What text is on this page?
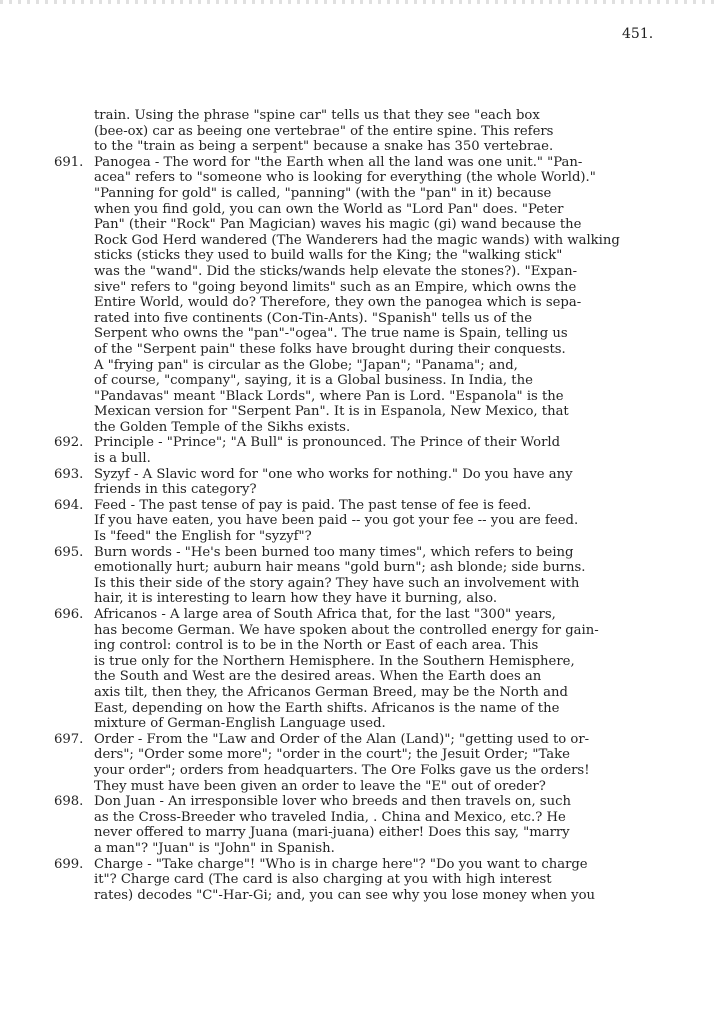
451.
train. Using the phrase "spine car" tells us that they see "each box
(bee-ox) car as beeing one vertebrae" of the entire spine. This refers
to the "train as being a serpent" because a snake has 350 vertebrae.
691. Panogea - The word for "the Earth when all the land was one unit." "Pan-
acea" refers to "someone who is looking for everything (the whole World)."
"Panning for gold" is called, "panning" (with the "pan" in it) because
when you find gold, you can own the World as "Lord Pan" does. "Peter
Pan" (their "Rock" Pan Magician) waves his magic (gi) wand because the
Rock God Herd wandered (The Wanderers had the magic wands) with walking
sticks (sticks they used to build walls for the King; the "walking stick"
was the "wand". Did the sticks/wands help elevate the stones?). "Expan-
sive" refers to "going beyond limits" such as an Empire, which owns the
Entire World, would do? Therefore, they own the panogea which is sepa-
rated into five continents (Con-Tin-Ants). "Spanish" tells us of the
Serpent who owns the "pan"-"ogea". The true name is Spain, telling us
of the "Serpent pain" these folks have brought during their conquests.
A "frying pan" is circular as the Globe; "Japan"; "Panama"; and,
of course, "company", saying, it is a Global business. In India, the
"Pandavas" meant "Black Lords", where Pan is Lord. "Espanola" is the
Mexican version for "Serpent Pan". It is in Espanola, New Mexico, that
the Golden Temple of the Sikhs exists.
692. Principle - "Prince"; "A Bull" is pronounced. The Prince of their World
is a bull.
693. Syzyf - A Slavic word for "one who works for nothing." Do you have any
friends in this category?
694. Feed - The past tense of pay is paid. The past tense of fee is feed.
If you have eaten, you have been paid -- you got your fee -- you are feed.
Is "feed" the English for "syzyf"?
695. Burn words - "He's been burned too many times", which refers to being
emotionally hurt; auburn hair means "gold burn"; ash blonde; side burns.
Is this their side of the story again? They have such an involvement with
hair, it is interesting to learn how they have it burning, also.
696. Africanos - A large area of South Africa that, for the last "300" years,
has become German. We have spoken about the controlled energy for gain-
ing control: control is to be in the North or East of each area. This
is true only for the Northern Hemisphere. In the Southern Hemisphere,
the South and West are the desired areas. When the Earth does an
axis tilt, then they, the Africanos German Breed, may be the North and
East, depending on how the Earth shifts. Africanos is the name of the
mixture of German-English Language used.
697. Order - From the "Law and Order of the Alan (Land)"; "getting used to or-
ders"; "Order some more"; "order in the court"; the Jesuit Order; "Take
your order"; orders from headquarters. The Ore Folks gave us the orders!
They must have been given an order to leave the "E" out of oreder?
698. Don Juan - An irresponsible lover who breeds and then travels on, such
as the Cross-Breeder who traveled India, . China and Mexico, etc.? He
never offered to marry Juana (mari-juana) either! Does this say, "marry
a man"? "Juan" is "John" in Spanish.
699. Charge - "Take charge"! "Who is in charge here"? "Do you want to charge
it"? Charge card (The card is also charging at you with high interest
rates) decodes "C"-Har-Gi; and, you can see why you lose money when you
